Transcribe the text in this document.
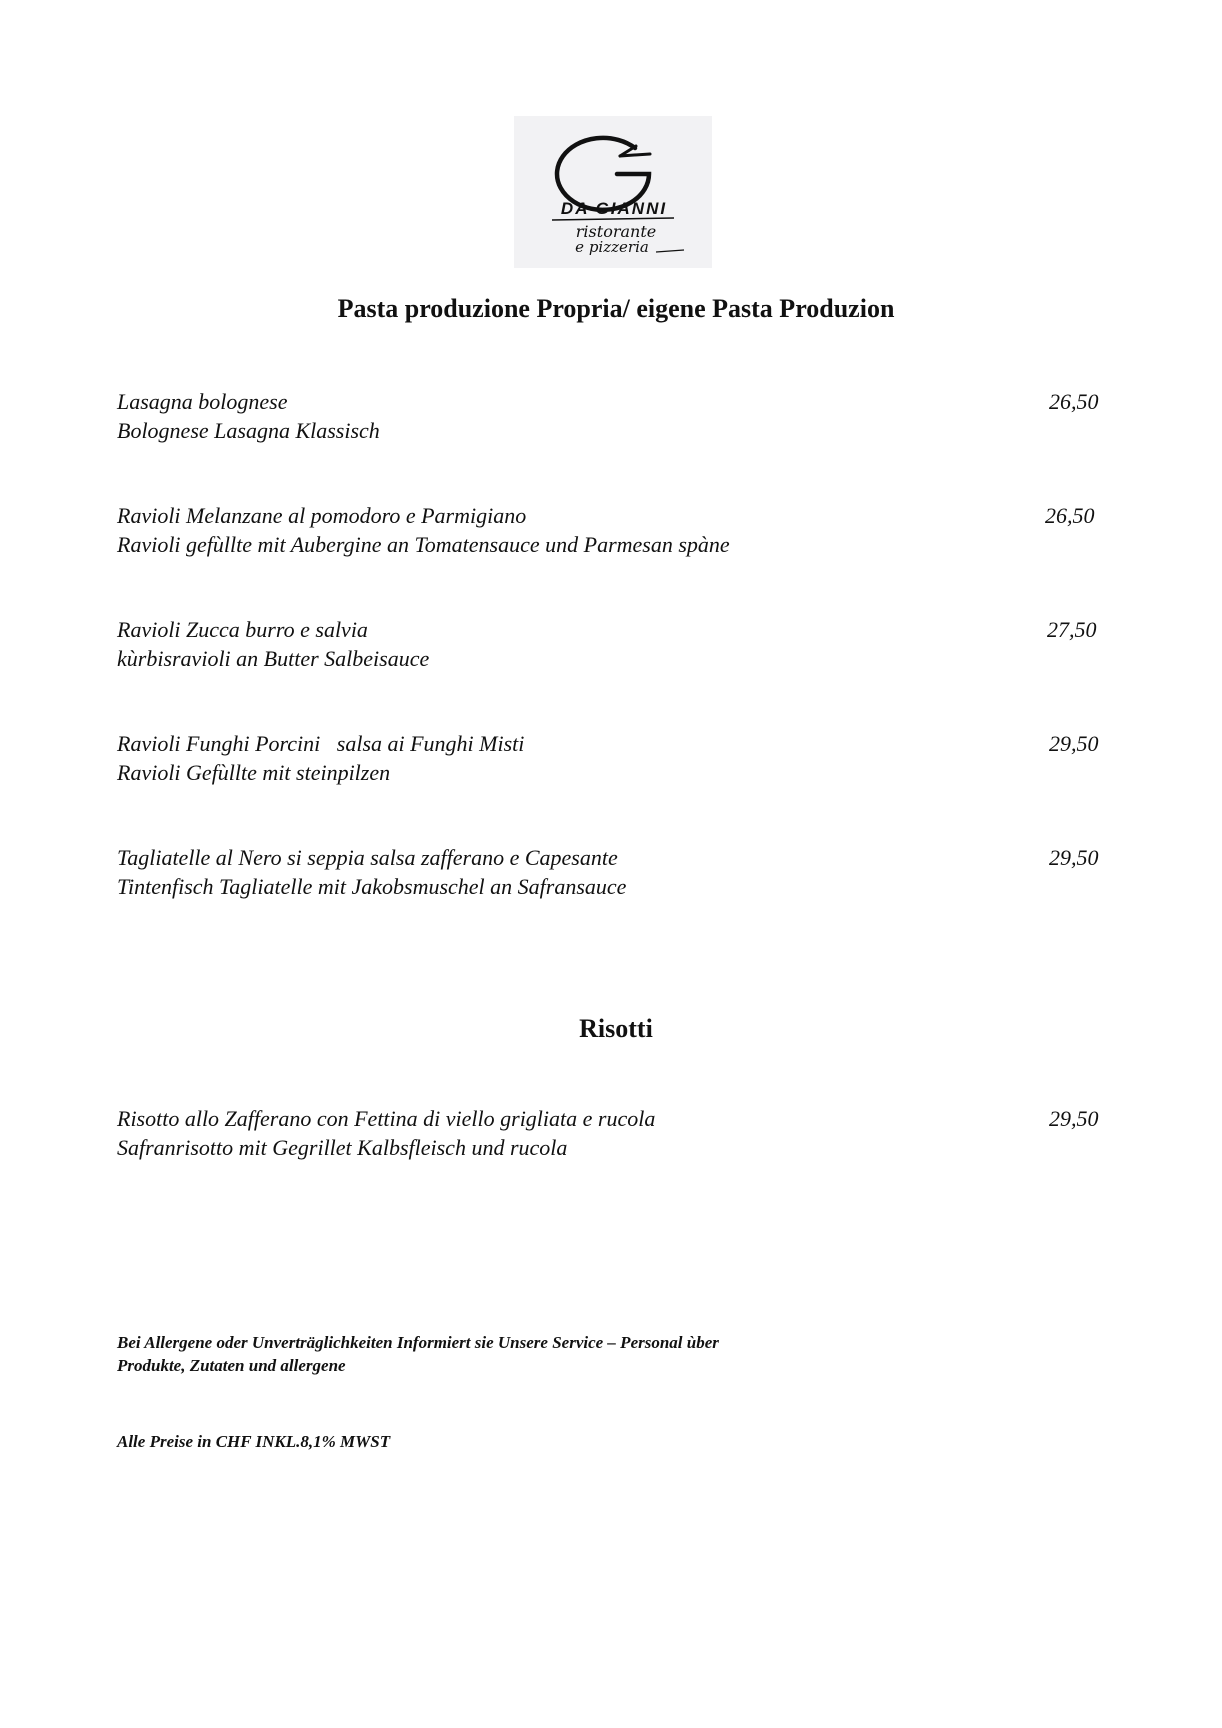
DA GIANNI
ristorante
e pizzeria
Pasta produzione Propria/ eigene Pasta Produzion
Lasagna bolognese
Bolognese Lasagna Klassisch
26,50
Ravioli Melanzane al pomodoro e Parmigiano
Ravioli gefùllte mit Aubergine an Tomatensauce und Parmesan spàne
26,50
Ravioli Zucca burro e salvia
kùrbisravioli an Butter Salbeisauce
27,50
Ravioli Funghi Porcini   salsa ai Funghi Misti
Ravioli Gefùllte mit steinpilzen
29,50
Tagliatelle al Nero si seppia salsa zafferano e Capesante
Tintenfisch Tagliatelle mit Jakobsmuschel an Safransauce
29,50
Risotti
Risotto allo Zafferano con Fettina di viello grigliata e rucola
Safranrisotto mit Gegrillet Kalbsfleisch und rucola
29,50

Bei Allergene oder Unverträglichkeiten Informiert sie Unsere Service – Personal ùber
Produkte, Zutaten und allergene

Alle Preise in CHF INKL.8,1% MWST
